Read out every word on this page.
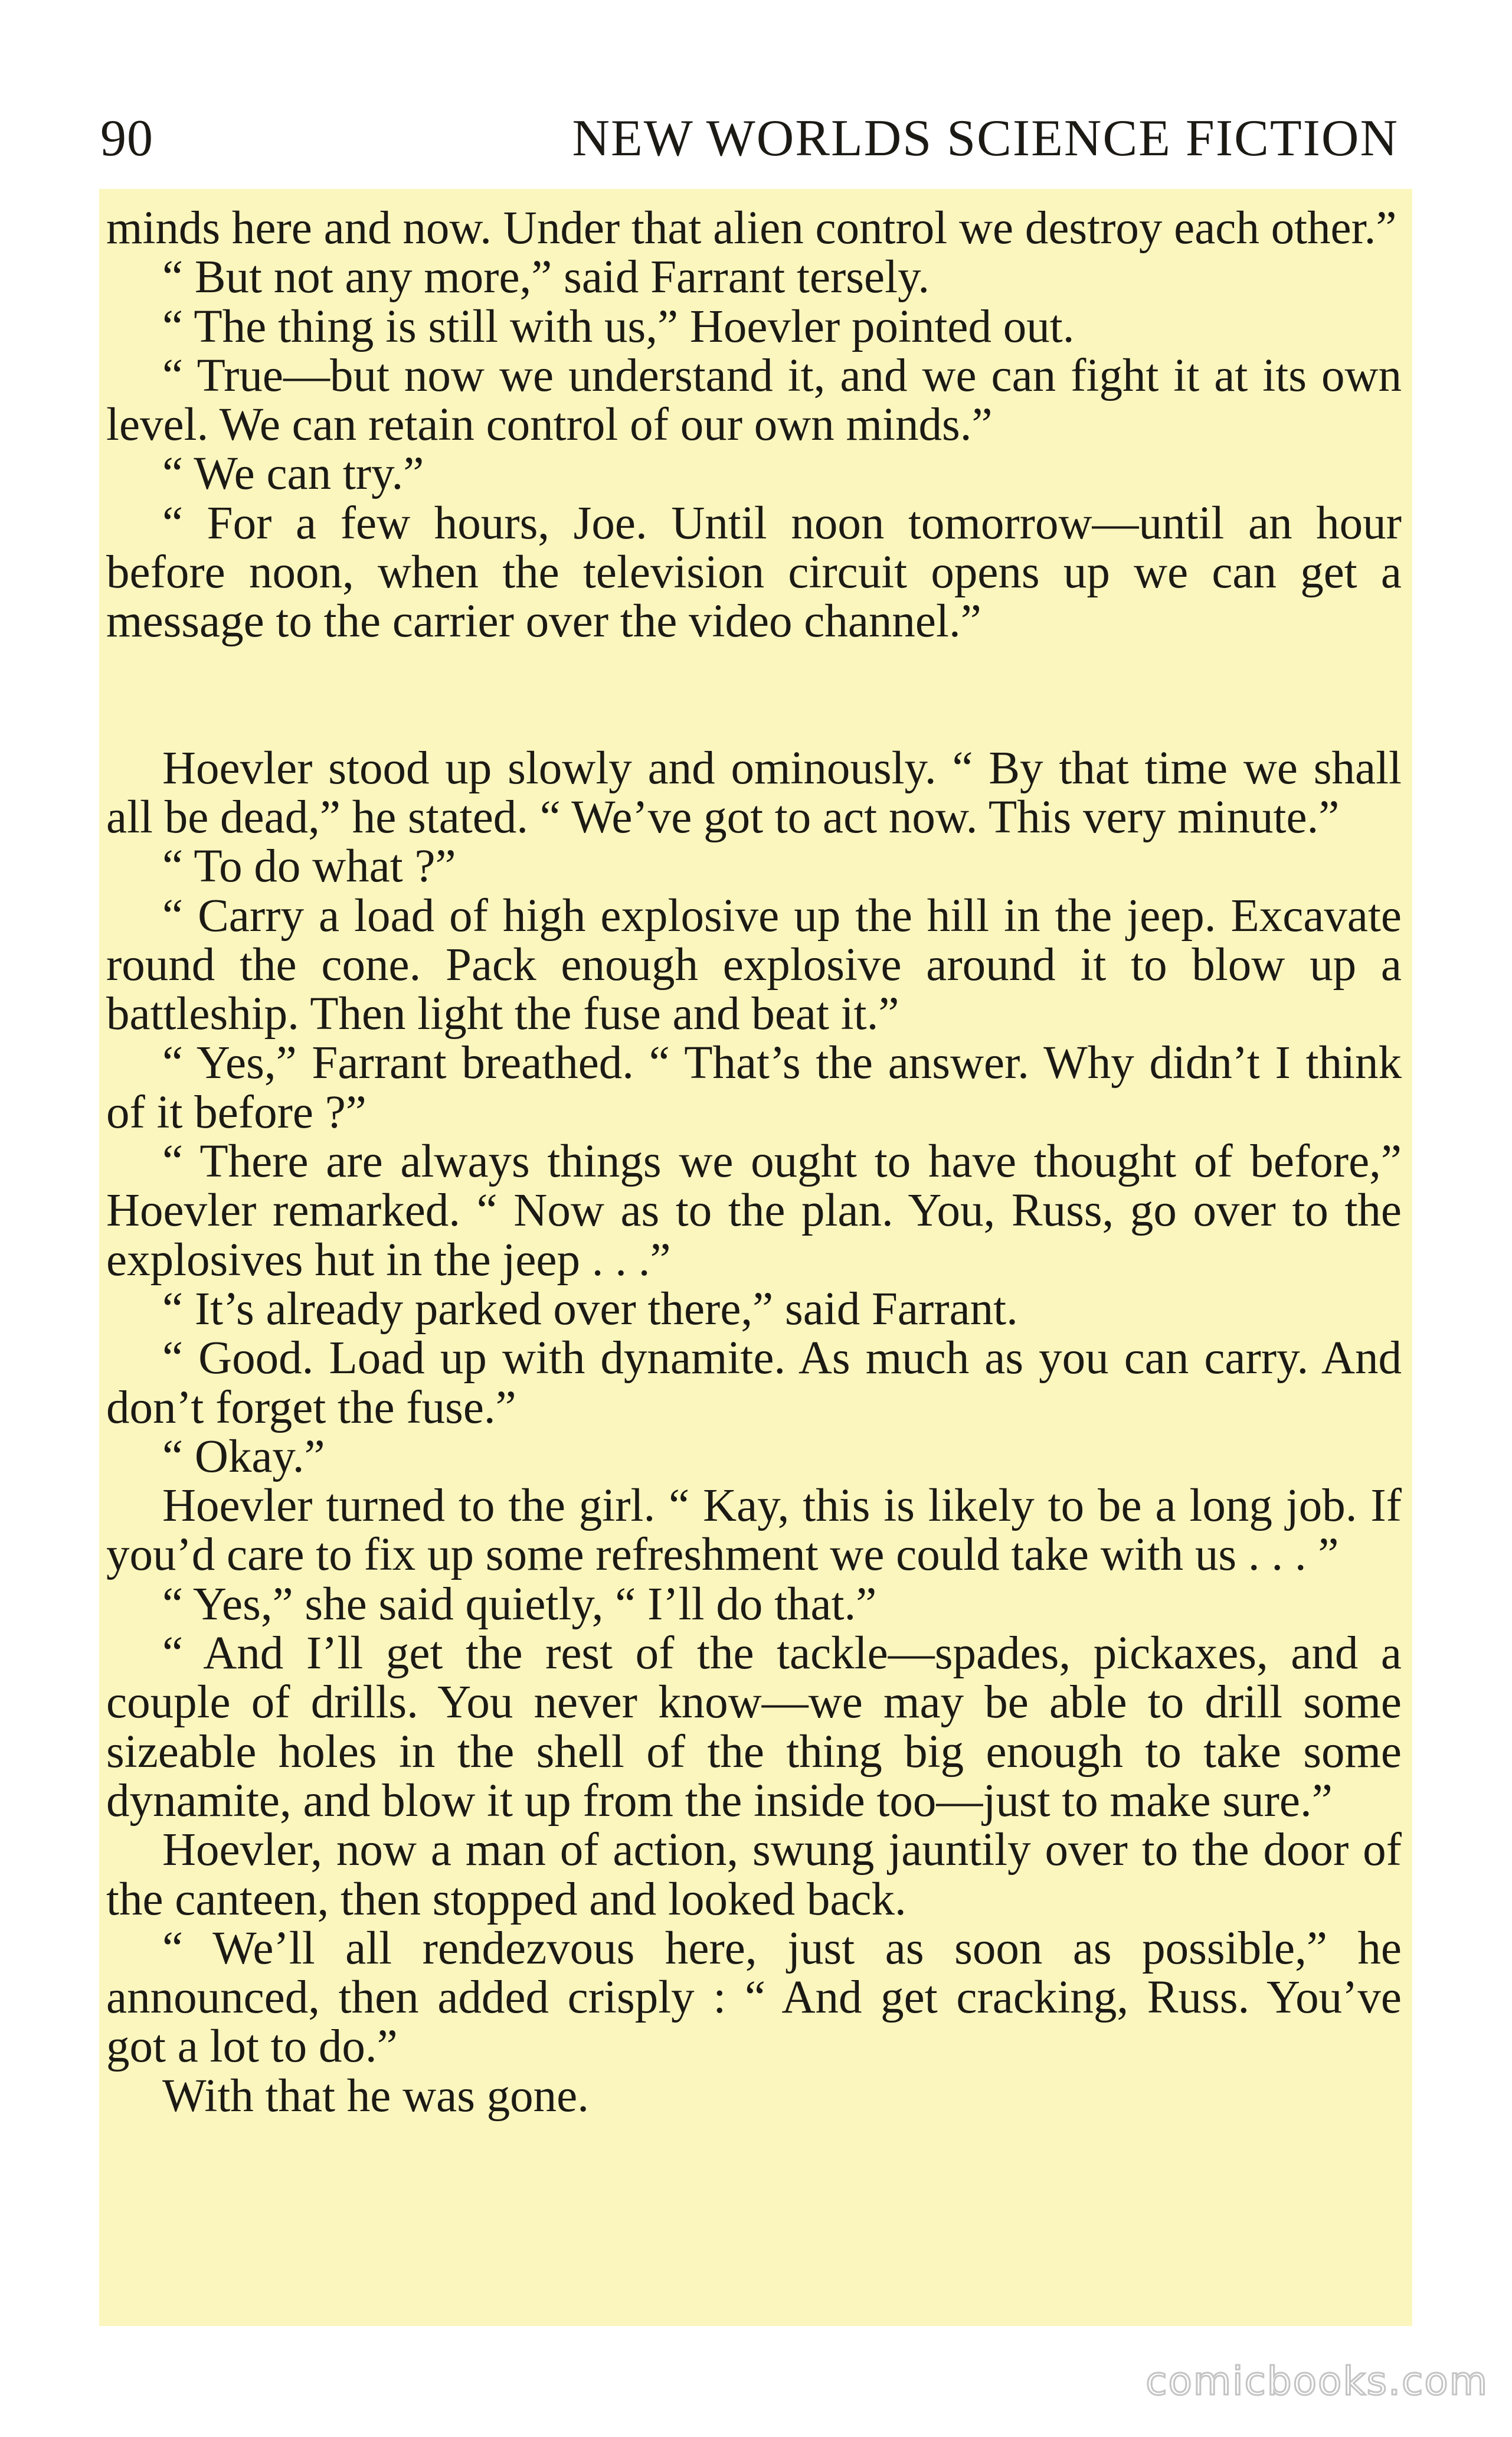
90	NEW WORLDS SCIENCE FICTION

minds here and now. Under that alien control we destroy each other.”

“ But not any more,” said Farrant tersely.

“ The thing is still with us,” Hoevler pointed out.

“ True—but now we understand it, and we can fight it at its own level. We can retain control of our own minds.”

“ We can try.”

“ For a few hours, Joe. Until noon tomorrow—until an hour before noon, when the television circuit opens up we can get a message to the carrier over the video channel.”

Hoevler stood up slowly and ominously. “ By that time we shall all be dead,” he stated. “ We’ve got to act now. This very minute.”

“ To do what ?”

“ Carry a load of high explosive up the hill in the jeep. Excavate round the cone. Pack enough explosive around it to blow up a battleship. Then light the fuse and beat it.”

“ Yes,” Farrant breathed. “ That’s the answer. Why didn’t I think of it before ?”

“ There are always things we ought to have thought of before,” Hoevler remarked. “ Now as to the plan. You, Russ, go over to the explosives hut in the jeep . . .”

“ It’s already parked over there,” said Farrant.

“ Good. Load up with dynamite. As much as you can carry. And don’t forget the fuse.”

“ Okay.”

Hoevler turned to the girl. “ Kay, this is likely to be a long job. If you’d care to fix up some refreshment we could take with us . . . ”

“ Yes,” she said quietly, “ I’ll do that.”

“ And I’ll get the rest of the tackle—spades, pickaxes, and a couple of drills. You never know—we may be able to drill some sizeable holes in the shell of the thing big enough to take some dynamite, and blow it up from the inside too—just to make sure.”

Hoevler, now a man of action, swung jauntily over to the door of the canteen, then stopped and looked back.

“ We’ll all rendezvous here, just as soon as possible,” he announced, then added crisply : “ And get cracking, Russ. You’ve got a lot to do.”

With that he was gone.

comicbooks.com
